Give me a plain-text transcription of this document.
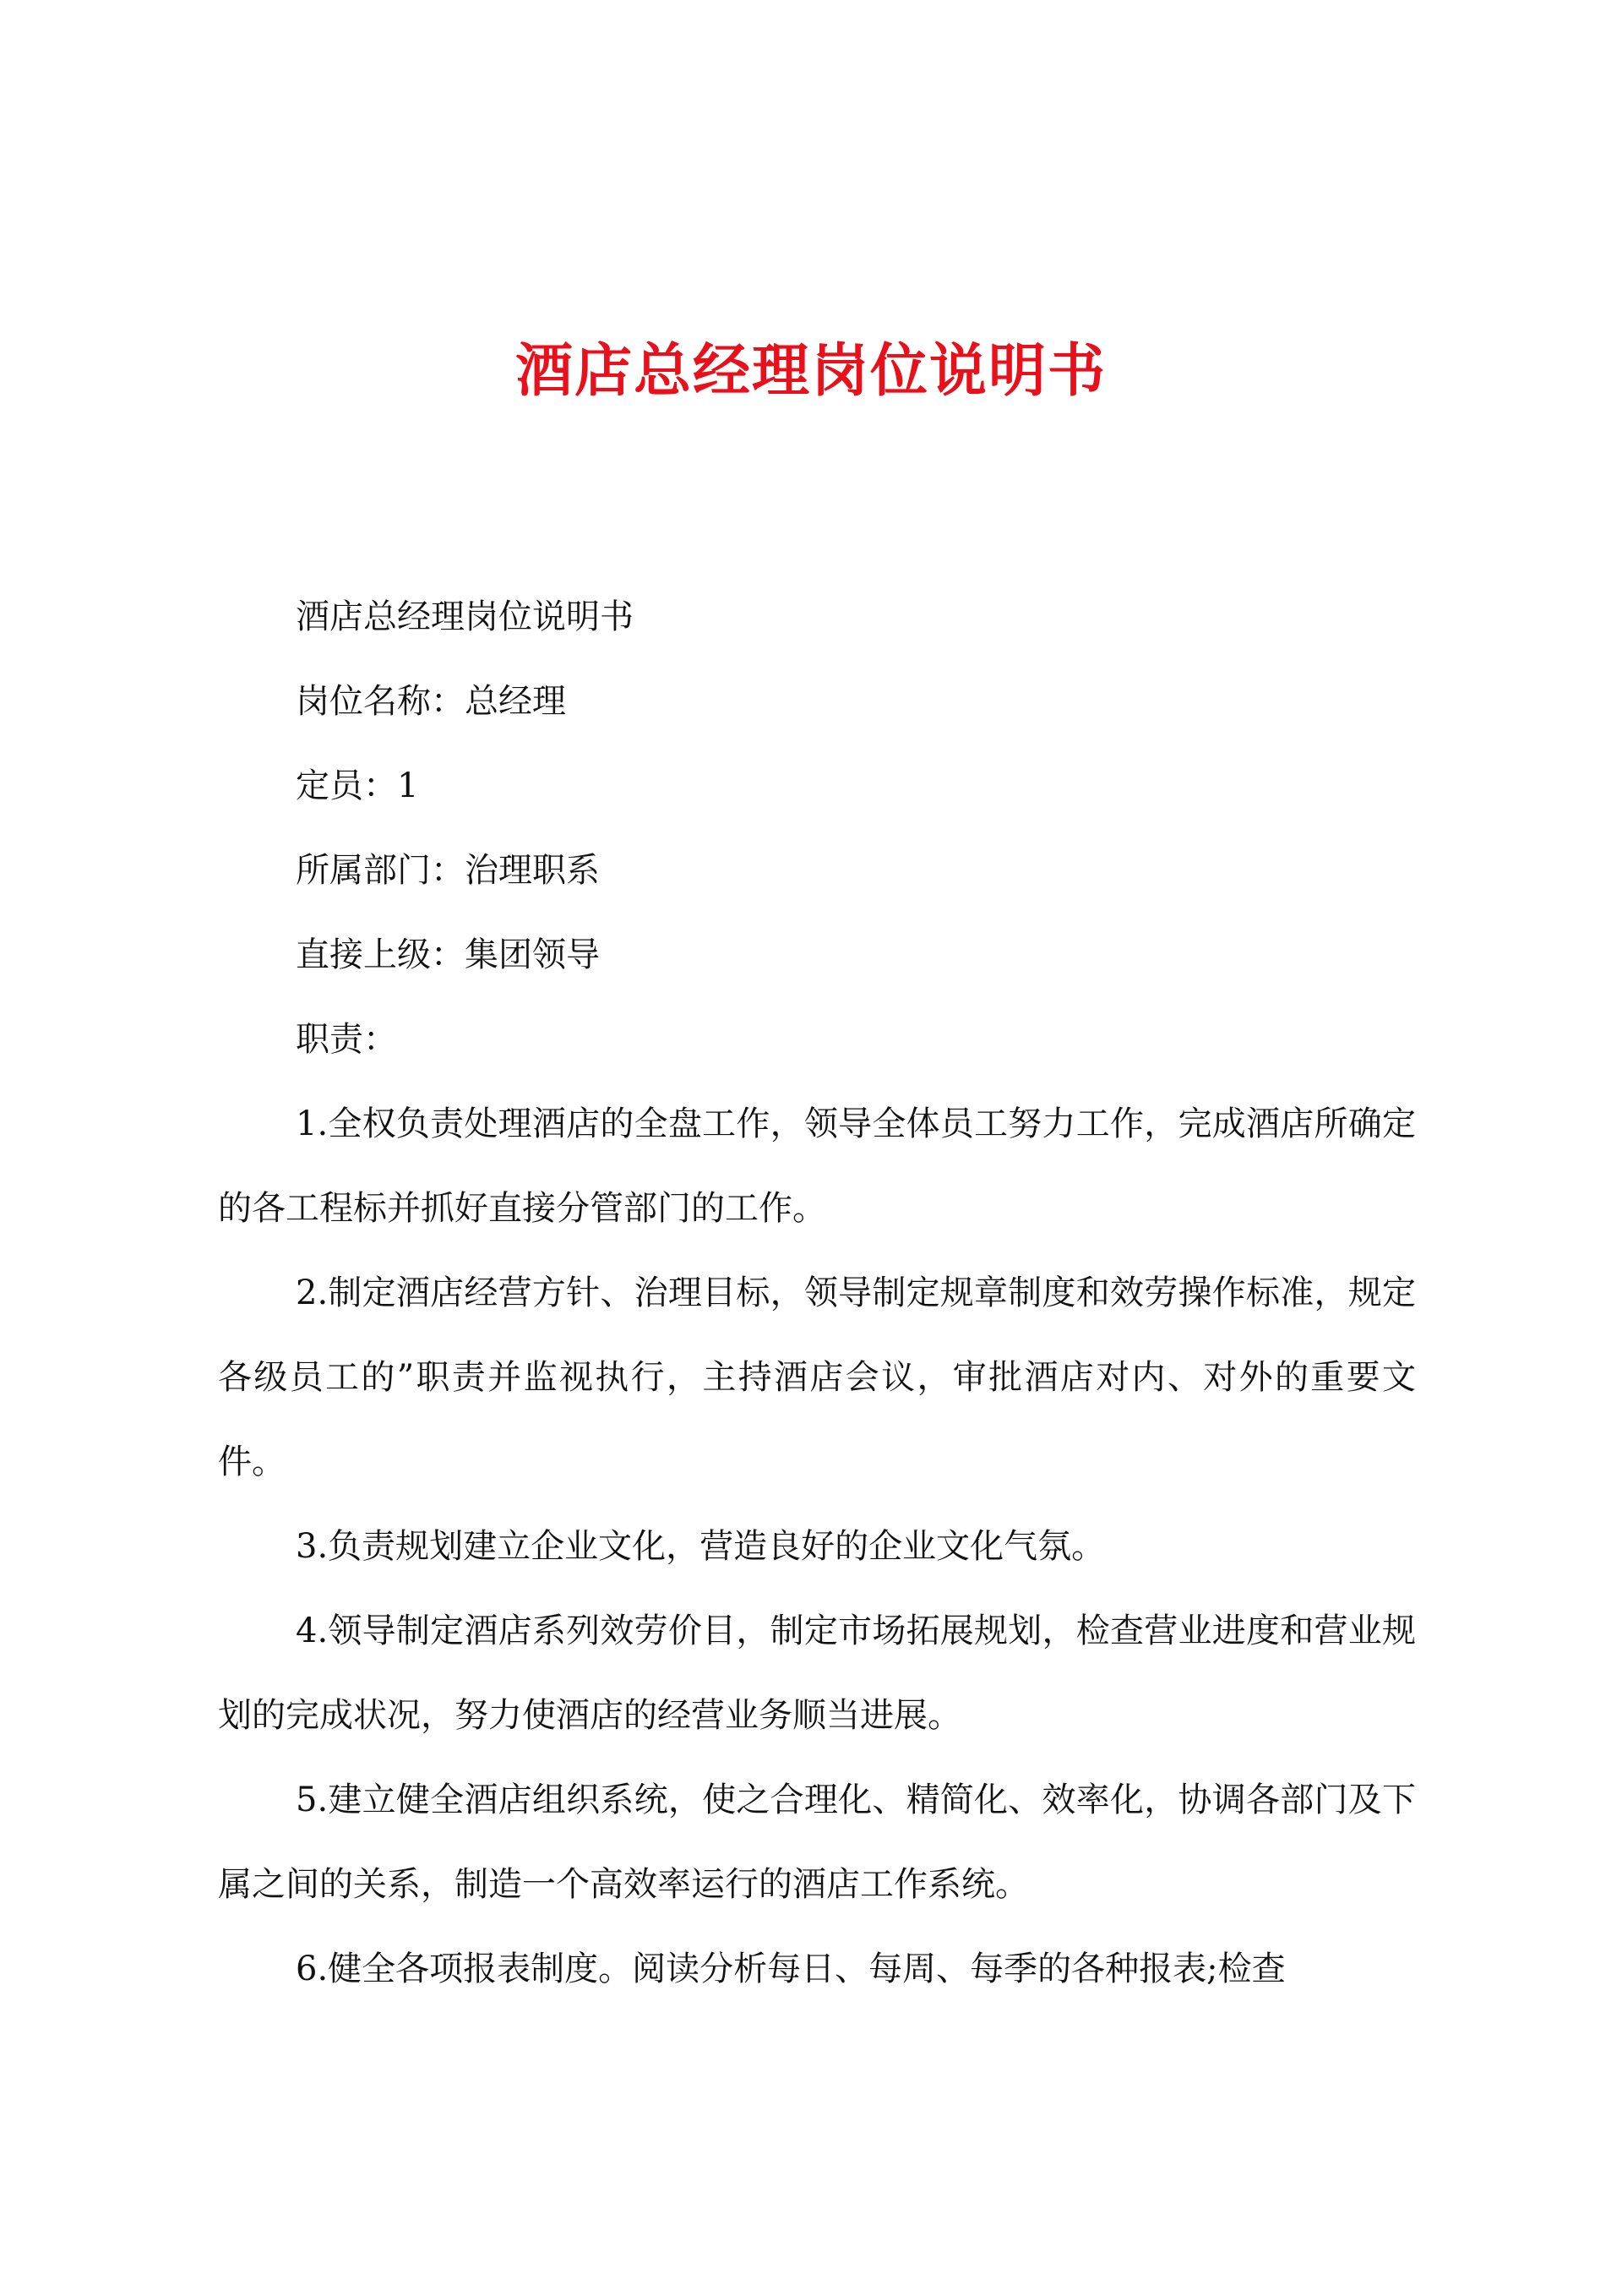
酒店总经理岗位说明书

酒店总经理岗位说明书

岗位名称：总经理

定员：1

所属部门：治理职系

直接上级：集团领导

职责：

1.全权负责处理酒店的全盘工作，领导全体员工努力工作，完成酒店所确定的各工程标并抓好直接分管部门的工作。

2.制定酒店经营方针、治理目标，领导制定规章制度和效劳操作标准，规定各级员工的”职责并监视执行，主持酒店会议，审批酒店对内、对外的重要文件。

3.负责规划建立企业文化，营造良好的企业文化气氛。

4.领导制定酒店系列效劳价目，制定市场拓展规划，检查营业进度和营业规划的完成状况，努力使酒店的经营业务顺当进展。

5.建立健全酒店组织系统，使之合理化、精简化、效率化，协调各部门及下属之间的关系，制造一个高效率运行的酒店工作系统。

6.健全各项报表制度。阅读分析每日、每周、每季的各种报表;检查
